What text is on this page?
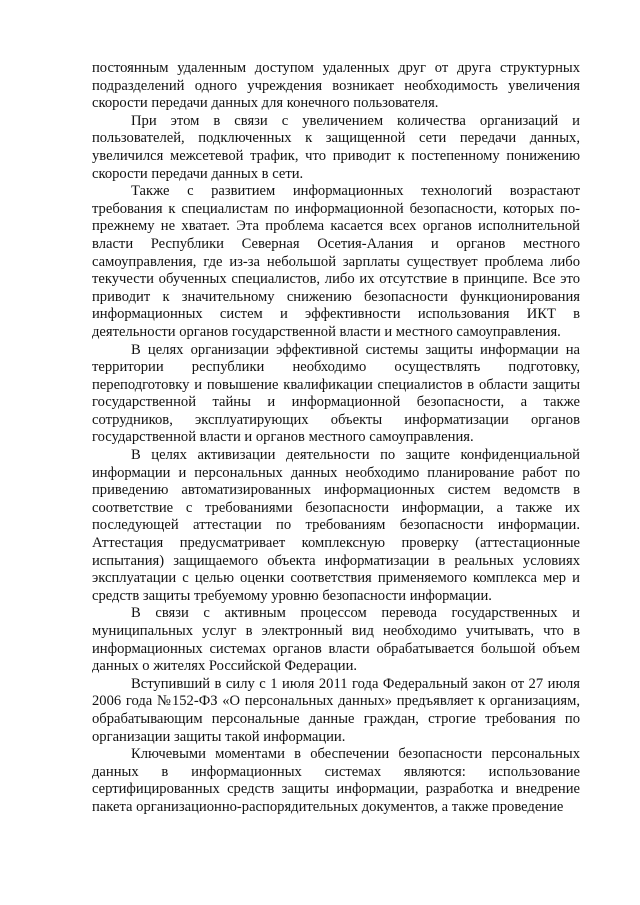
постоянным удаленным доступом удаленных друг от друга структурных подразделений одного учреждения возникает необходимость увеличения скорости передачи данных для конечного пользователя.

При этом в связи с увеличением количества организаций и пользователей, подключенных к защищенной сети передачи данных, увеличился межсетевой трафик, что приводит к постепенному понижению скорости передачи данных в сети.

Также с развитием информационных технологий возрастают требования к специалистам по информационной безопасности, которых по-прежнему не хватает. Эта проблема касается всех органов исполнительной власти Республики Северная Осетия-Алания и органов местного самоуправления, где из-за небольшой зарплаты существует проблема либо текучести обученных специалистов, либо их отсутствие в принципе. Все это приводит к значительному снижению безопасности функционирования информационных систем и эффективности использования ИКТ в деятельности органов государственной власти и местного самоуправления.

В целях организации эффективной системы защиты информации на территории республики необходимо осуществлять подготовку, переподготовку и повышение квалификации специалистов в области защиты государственной тайны и информационной безопасности, а также сотрудников, эксплуатирующих объекты информатизации органов государственной власти и органов местного самоуправления.

В целях активизации деятельности по защите конфиденциальной информации и персональных данных необходимо планирование работ по приведению автоматизированных информационных систем ведомств в соответствие с требованиями безопасности информации, а также их последующей аттестации по требованиям безопасности информации. Аттестация предусматривает комплексную проверку (аттестационные испытания) защищаемого объекта информатизации в реальных условиях эксплуатации с целью оценки соответствия применяемого комплекса мер и средств защиты требуемому уровню безопасности информации.

В связи с активным процессом перевода государственных и муниципальных услуг в электронный вид необходимо учитывать, что в информационных системах органов власти обрабатывается большой объем данных о жителях Российской Федерации.

Вступивший в силу с 1 июля 2011 года Федеральный закон от 27 июля 2006 года №152-ФЗ «О персональных данных» предъявляет к организациям, обрабатывающим персональные данные граждан, строгие требования по организации защиты такой информации.

Ключевыми моментами в обеспечении безопасности персональных данных в информационных системах являются: использование сертифицированных средств защиты информации, разработка и внедрение пакета организационно-распорядительных документов, а также проведение
